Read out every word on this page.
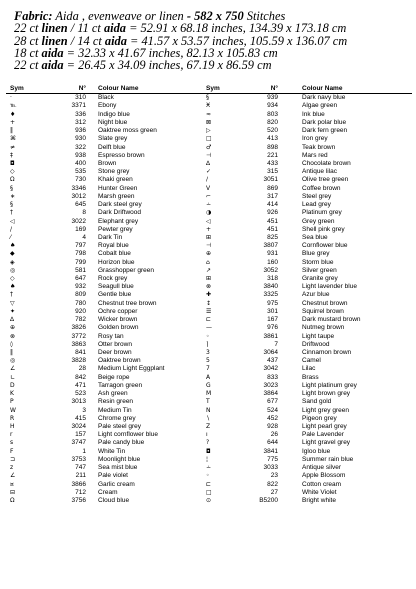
Fabric: Aida , evenweave or linen - 582 x 750 Stitches
22 ct linen / 11 ct aida = 52.91 x 68.18 inches, 134.39 x 173.18 cm
28 ct linen / 14 ct aida = 41.57 x 53.57 inches, 105.59 x 136.07 cm
18 ct aida = 32.33 x 41.67 inches, 82.13 x 105.83 cm
22 ct aida = 26.45 x 34.09 inches, 67.19 x 86.59 cm
Sym	N° Colour Name
·	310 Black
℡	3371 Ebony
♦	336 Indigo blue
+	312 Night blue
‖	936 Oaktree moss green
⌘	930 Slate grey
≠	322 Delft blue
‡	938 Espresso brown
◘	400 Brown
◇	535 Stone grey
Ω	730 Khaki green
§	3346 Hunter Green
∗	3012 Marsh green
§	645 Dark steel grey
†	8 Dark Driftwood
◁	3022 Elephant grey
/	169 Pewter grey
⁄	4 Dark Tin
♠	797 Royal blue
◆	798 Cobalt blue
◈	799 Horizon blue
◎	581 Grasshopper green
◇	647 Rock grey
♠	932 Seagull blue
†	809 Gentle blue
▽	780 Chestnut tree brown
✦	920 Ochre copper
∆	782 Wicker brown
⊕	3826 Golden brown
⊗	3772 Rosy tan
◊	3863 Otter brown
‖	841 Deer brown
◎	3828 Oaktree brown
∠	28 Medium Light Eggplant
∟	842 Beige rope
D	471 Tarragon green
K	523 Ash green
P	3013 Resin green
W	3 Medium Tin
R	415 Chrome grey
H	3024 Pale steel grey
r	157 Light cornflower blue
s	3747 Pale candy blue
F	1 White Tin
⊐	3753 Moonlight blue
z	747 Sea mist blue
∠	211 Pale violet
¤	3866 Garlic cream
⊟	712 Cream
Ω	3756 Cloud blue
Sym	N°	Colour Name
§	939	Dark navy blue
Ӿ	934	Algae green
≈	803	Ink blue
⊠	820	Dark polar blue
▷	520	Dark fern green
□	413	Iron grey
♂	898	Teak brown
⊣	221	Mars red
∆	433	Chocolate brown
✓	315	Antique lilac
∕	3051	Olive tree green
V	869	Coffee brown
⌐	317	Steel grey
∸	414	Lead grey
◑	926	Platinum grey
◁	451	Grey green
+	451	Shell pink grey
⊞	825	Sea blue
⊣	3807	Cornflower blue
⊕	931	Blue grey
⌂	160	Storm blue
↗	3052	Silver green
⊞	318	Granite grey
⊗	3840	Light lavender blue
✚	3325	Azur blue
↕	975	Chestnut brown
☰	301	Squirrel brown
⊏	167	Dark mustard brown
—	976	Nutmeg brown
◦	3861	Light taupe
⌉	7	Driftwood
3	3064	Cinnamon brown
5	437	Camel
7	3042	Lilac
A	833	Brass
G	3023	Light platinum grey
M	3864	Light brown grey
T	677	Sand gold
N	524	Light grey green
∖	452	Pigeon grey
Z	928	Light pearl grey
ı	26	Pale Lavender
?	644	Light gravel grey
◘	3841	Igloo blue
¦	775	Summer rain blue
∸	3033	Antique silver
◦	23	Apple Blossom
⊏	822	Cotton cream
□	27	White Violet
⊙	B5200	Bright white
